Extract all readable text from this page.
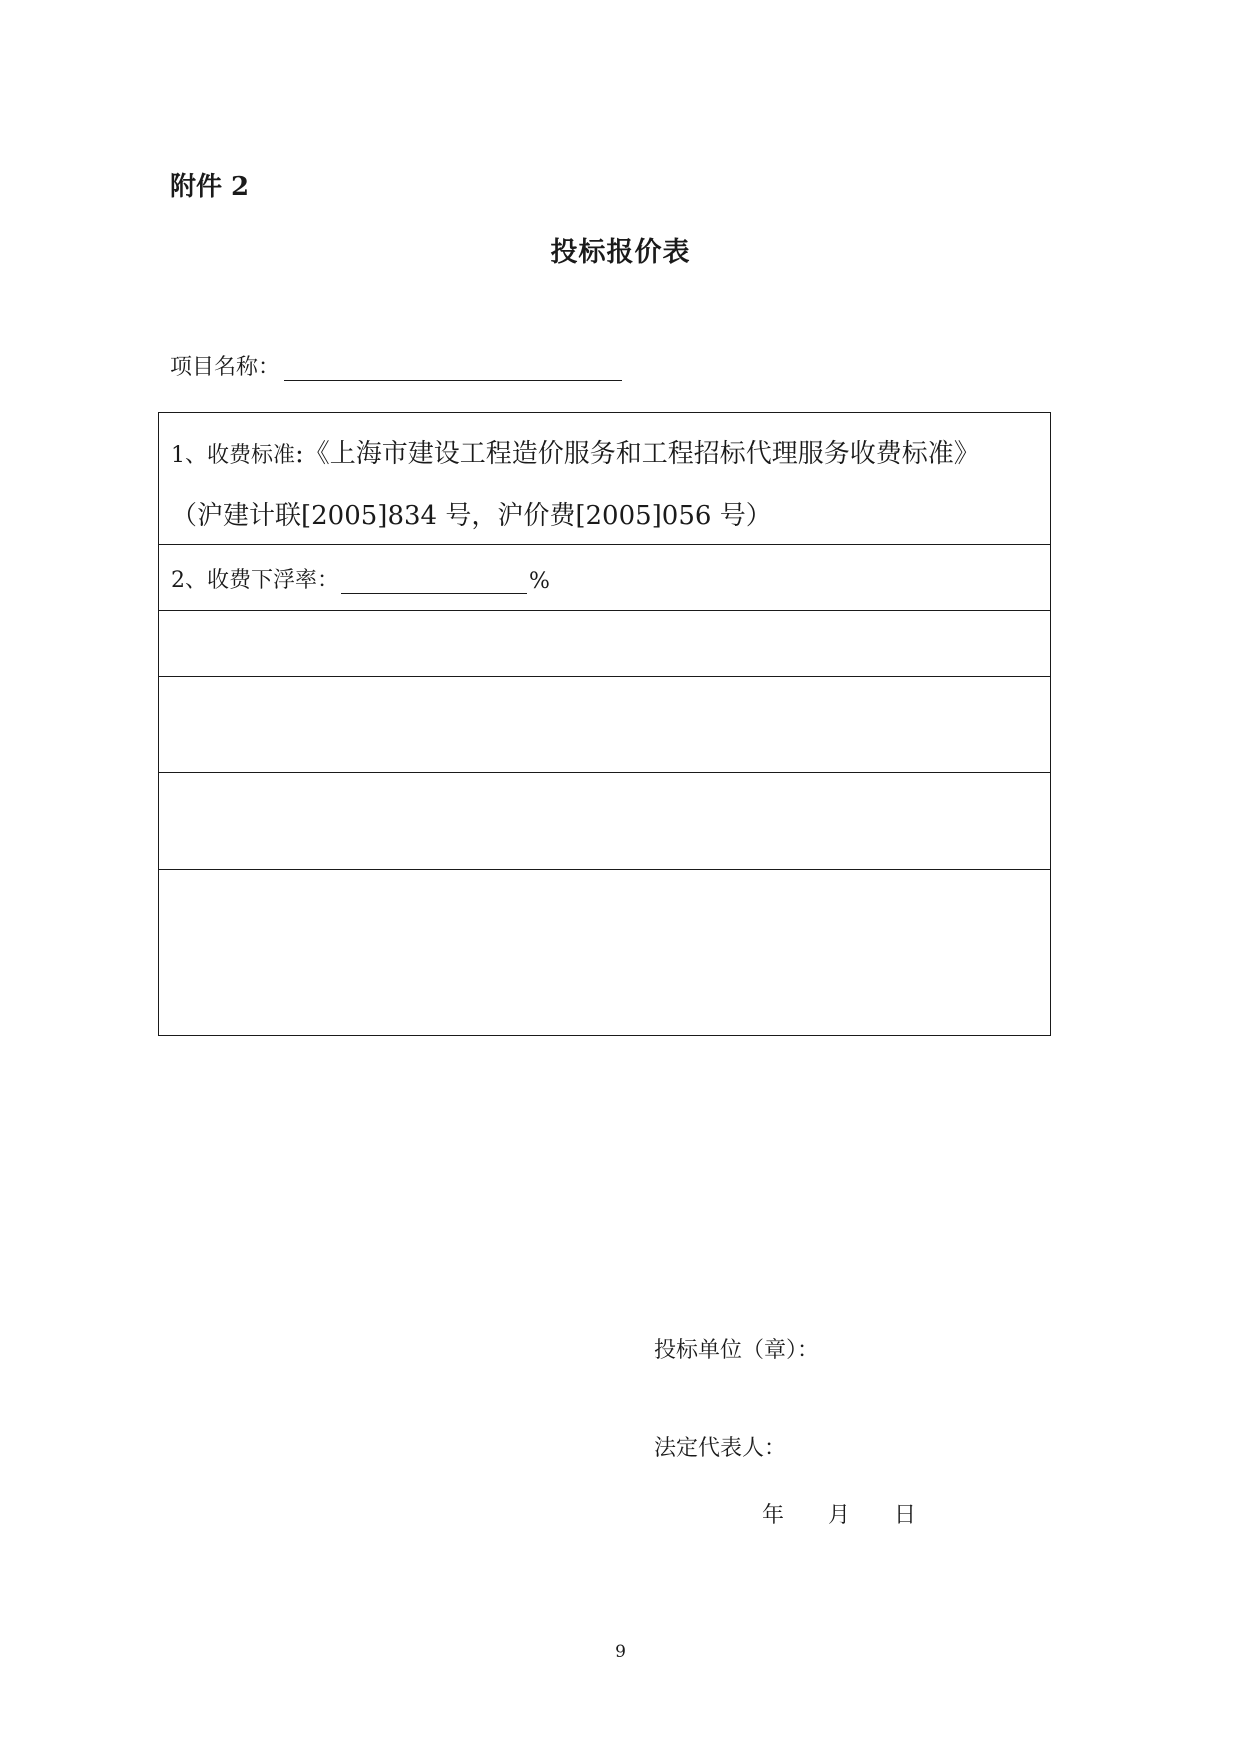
附件 2
投标报价表
项目名称：
1、收费标准:《上海市建设工程造价服务和工程招标代理服务收费标准》
（沪建计联[2005]834 号，沪价费[2005]056 号）
2、收费下浮率：	%
投标单位（章）：
法定代表人：
年 月 日
9
